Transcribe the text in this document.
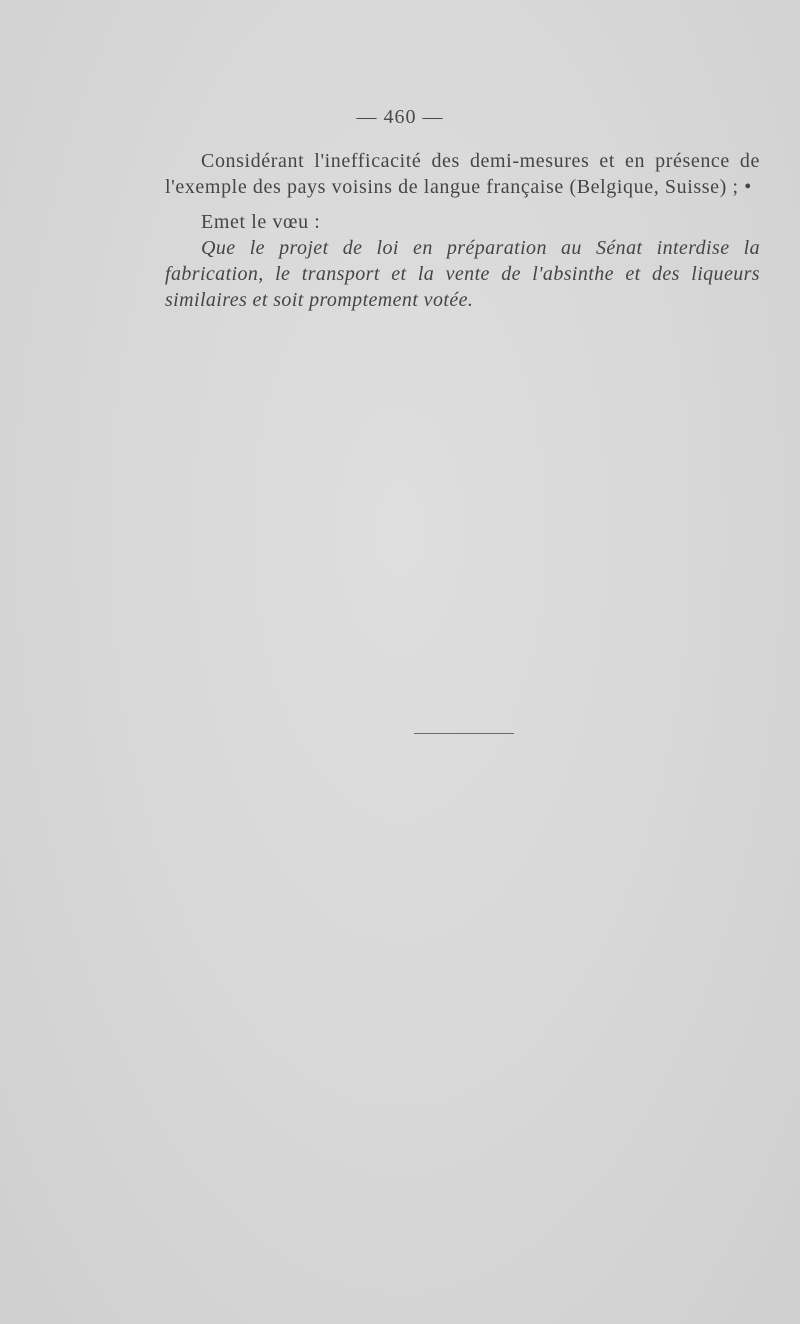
— 460 —

Considérant l'inefficacité des demi-mesures et en présence de l'exemple des pays voisins de langue française (Belgique, Suisse) ; •

Emet le vœu :

Que le projet de loi en préparation au Sénat interdise la fabrication, le transport et la vente de l'absinthe et des liqueurs similaires et soit promptement votée.
